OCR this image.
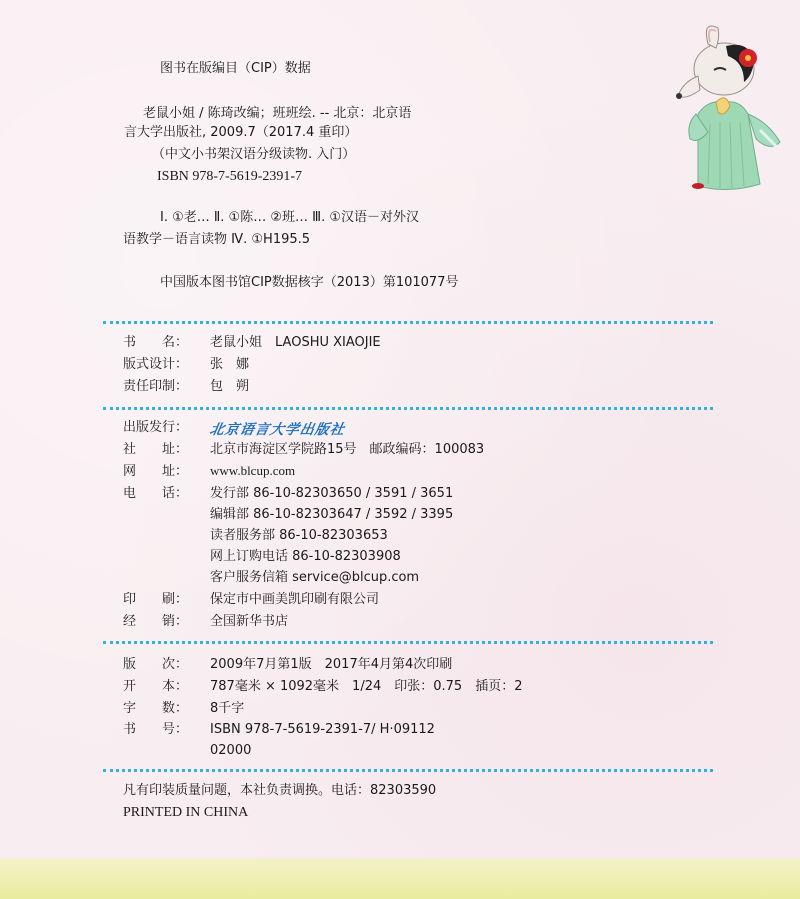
图书在版编目（CIP）数据
老鼠小姐 / 陈琦改编；班班绘. -- 北京：北京语
言大学出版社, 2009.7（2017.4 重印）
（中文小书架汉语分级读物. 入门）
ISBN 978-7-5619-2391-7
Ⅰ. ①老… Ⅱ. ①陈… ②班… Ⅲ. ①汉语－对外汉
语教学－语言读物 Ⅳ. ①H195.5
中国版本图书馆CIP数据核字（2013）第101077号
书　　名： 老鼠小姐　LAOSHU XIAOJIE
版式设计： 张　娜
责任印制： 包　朔
出版发行： 北京语言大学出版社
社　　址： 北京市海淀区学院路15号　邮政编码：100083
网　　址： www.blcup.com
电　　话： 发行部 86-10-82303650 / 3591 / 3651
编辑部 86-10-82303647 / 3592 / 3395
读者服务部 86-10-82303653
网上订购电话 86-10-82303908
客户服务信箱 service@blcup.com
印　　刷： 保定市中画美凯印刷有限公司
经　　销： 全国新华书店
版　　次： 2009年7月第1版　2017年4月第4次印刷
开　　本： 787毫米 × 1092毫米　1/24　印张：0.75　插页：2
字　　数： 8千字
书　　号： ISBN 978-7-5619-2391-7/ H·09112
02000
凡有印装质量问题，本社负责调换。电话：82303590
PRINTED IN CHINA
